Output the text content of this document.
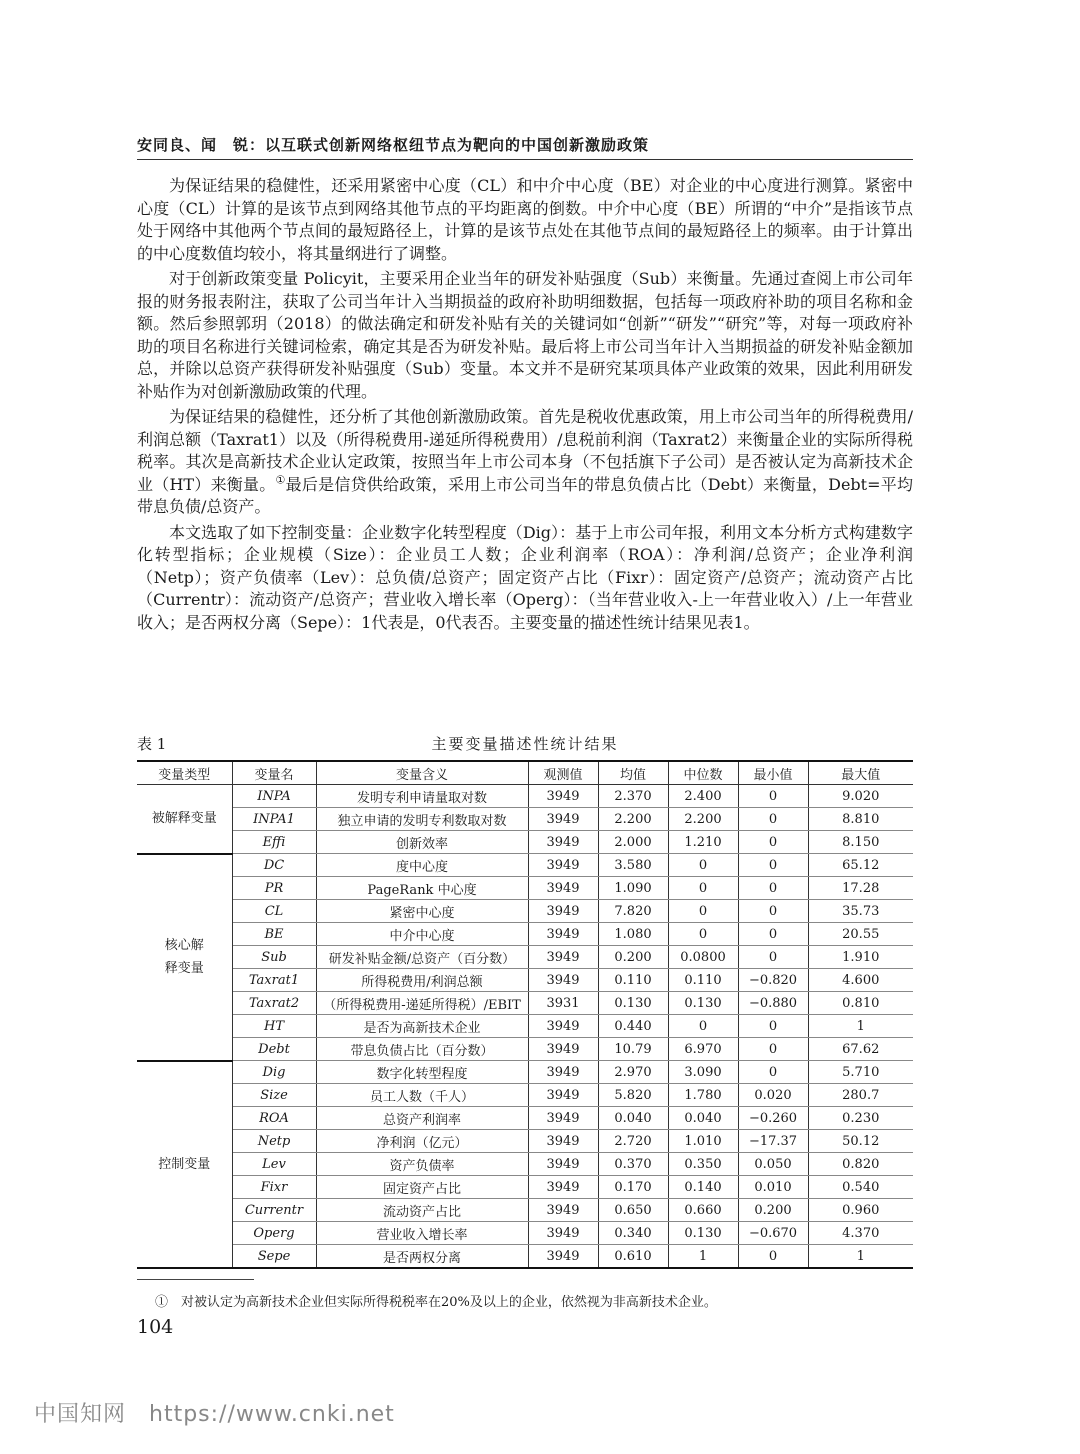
安同良、闻　锐：以互联式创新网络枢纽节点为靶向的中国创新激励政策

为保证结果的稳健性，还采用紧密中心度（CL）和中介中心度（BE）对企业的中心度进行测算。紧密中心度（CL）计算的是该节点到网络其他节点的平均距离的倒数。中介中心度（BE）所谓的“中介”是指该节点处于网络中其他两个节点间的最短路径上，计算的是该节点处在其他节点间的最短路径上的频率。由于计算出的中心度数值均较小，将其量纲进行了调整。

对于创新政策变量 Policyit，主要采用企业当年的研发补贴强度（Sub）来衡量。先通过查阅上市公司年报的财务报表附注，获取了公司当年计入当期损益的政府补助明细数据，包括每一项政府补助的项目名称和金额。然后参照郭玥（2018）的做法确定和研发补贴有关的关键词如“创新”“研发”“研究”等，对每一项政府补助的项目名称进行关键词检索，确定其是否为研发补贴。最后将上市公司当年计入当期损益的研发补贴金额加总，并除以总资产获得研发补贴强度（Sub）变量。本文并不是研究某项具体产业政策的效果，因此利用研发补贴作为对创新激励政策的代理。

为保证结果的稳健性，还分析了其他创新激励政策。首先是税收优惠政策，用上市公司当年的所得税费用/利润总额（Taxrat1）以及（所得税费用-递延所得税费用）/息税前利润（Taxrat2）来衡量企业的实际所得税税率。其次是高新技术企业认定政策，按照当年上市公司本身（不包括旗下子公司）是否被认定为高新技术企业（HT）来衡量。①最后是信贷供给政策，采用上市公司当年的带息负债占比（Debt）来衡量，Debt=平均带息负债/总资产。

本文选取了如下控制变量：企业数字化转型程度（Dig）：基于上市公司年报，利用文本分析方式构建数字化转型指标；企业规模（Size）：企业员工人数；企业利润率（ROA）：净利润/总资产；企业净利润（Netp）；资产负债率（Lev）：总负债/总资产；固定资产占比（Fixr）：固定资产/总资产；流动资产占比（Currentr）：流动资产/总资产；营业收入增长率（Operg）：（当年营业收入-上一年营业收入）/上一年营业收入；是否两权分离（Sepe）：1代表是，0代表否。主要变量的描述性统计结果见表1。

表 1	主要变量描述性统计结果
变量类型	变量名	变量含义	观测值	均值	中位数	最小值	最大值
被解释变量	INPA	发明专利申请量取对数	3949	2.370	2.400	0	9.020
	INPA1	独立申请的发明专利数取对数	3949	2.200	2.200	0	8.810
	Effi	创新效率	3949	2.000	1.210	0	8.150
核心解释变量	DC	度中心度	3949	3.580	0	0	65.12
	PR	PageRank 中心度	3949	1.090	0	0	17.28
	CL	紧密中心度	3949	7.820	0	0	35.73
	BE	中介中心度	3949	1.080	0	0	20.55
	Sub	研发补贴金额/总资产（百分数）	3949	0.200	0.0800	0	1.910
	Taxrat1	所得税费用/利润总额	3949	0.110	0.110	−0.820	4.600
	Taxrat2	（所得税费用-递延所得税）/EBIT	3931	0.130	0.130	−0.880	0.810
	HT	是否为高新技术企业	3949	0.440	0	0	1
	Debt	带息负债占比（百分数）	3949	10.79	6.970	0	67.62
控制变量	Dig	数字化转型程度	3949	2.970	3.090	0	5.710
	Size	员工人数（千人）	3949	5.820	1.780	0.020	280.7
	ROA	总资产利润率	3949	0.040	0.040	−0.260	0.230
	Netp	净利润（亿元）	3949	2.720	1.010	−17.37	50.12
	Lev	资产负债率	3949	0.370	0.350	0.050	0.820
	Fixr	固定资产占比	3949	0.170	0.140	0.010	0.540
	Currentr	流动资产占比	3949	0.650	0.660	0.200	0.960
	Operg	营业收入增长率	3949	0.340	0.130	−0.670	4.370
	Sepe	是否两权分离	3949	0.610	1	0	1
①　对被认定为高新技术企业但实际所得税税率在20%及以上的企业，依然视为非高新技术企业。
104
中国知网　https://www.cnki.net
